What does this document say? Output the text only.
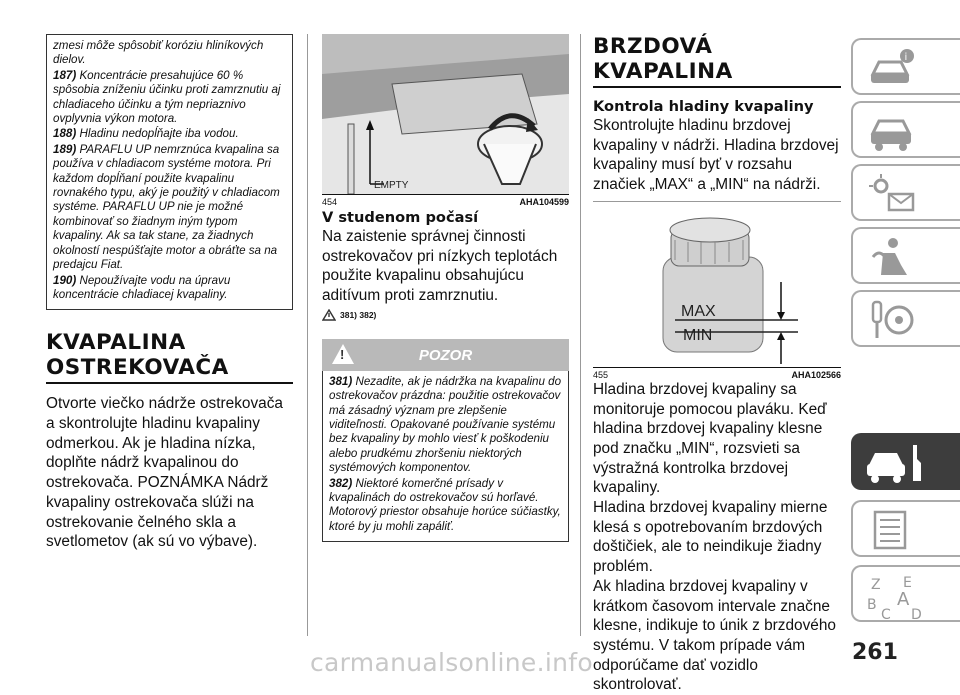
zmesi môže spôsobiť koróziu hliníkových dielov.

187) Koncentrácie presahujúce 60 % spôsobia zníženiu účinku proti zamrznutiu aj chladiaceho účinku a tým nepriaznivo ovplyvnia výkon motora.

188) Hladinu nedopĺňajte iba vodou.

189) PARAFLU UP nemrznúca kvapalina sa používa v chladiacom systéme motora. Pri každom dopĺňaní použite kvapalinu rovnakého typu, aký je použitý v chladiacom systéme. PARAFLU UP nie je možné kombinovať so žiadnym iným typom kvapaliny. Ak sa tak stane, za žiadnych okolností nespúšťajte motor a obráťte sa na predajcu Fiat.

190) Nepoužívajte vodu na úpravu koncentrácie chladiacej kvapaliny.

KVAPALINA
OSTREKOVAČA

Otvorte viečko nádrže ostrekovača a skontrolujte hladinu kvapaliny odmerkou. Ak je hladina nízka, doplňte nádrž kvapalinou do ostrekovača. POZNÁMKA Nádrž kvapaliny ostrekovača slúži na ostrekovanie čelného skla a svetlometov (ak sú vo výbave).

EMPTY
454	AHA104599

V studenom počasí

Na zaistenie správnej činnosti ostrekovačov pri nízkych teplotách použite kvapalinu obsahujúcu aditívum proti zamrznutiu.

381) 382)
!
POZOR

381) Nezadite, ak je nádržka na kvapalinu do ostrekovačov prázdna: použitie ostrekovačov má zásadný význam pre zlepšenie viditeľnosti. Opakované používanie systému bez kvapaliny by mohlo viesť k poškodeniu alebo prudkému zhoršeniu niektorých systémových komponentov.

382) Niektoré komerčné prísady v kvapalinách do ostrekovačov sú horľavé. Motorový priestor obsahuje horúce súčiastky, ktoré by ju mohli zapáliť.

BRZDOVÁ
KVAPALINA

Kontrola hladiny kvapaliny

Skontrolujte hladinu brzdovej kvapaliny v nádrži. Hladina brzdovej kvapaliny musí byť v rozsahu značiek „MAX“ a „MIN“ na nádrži.

MAX
MIN
455	AHA102566

Hladina brzdovej kvapaliny sa monitoruje pomocou plaváku. Keď hladina brzdovej kvapaliny klesne pod značku „MIN“, rozsvieti sa výstražná kontrolka brzdovej kvapaliny.

Hladina brzdovej kvapaliny mierne klesá s opotrebovaním brzdových doštičiek, ale to neindikuje žiadny problém.

Ak hladina brzdovej kvapaliny v krátkom časovom intervale značne klesne, indikuje to únik z brzdového systému. V takom prípade vám odporúčame dať vozidlo skontrolovať.

i
Z E
B A
C D
carmanualsonline.info	261
